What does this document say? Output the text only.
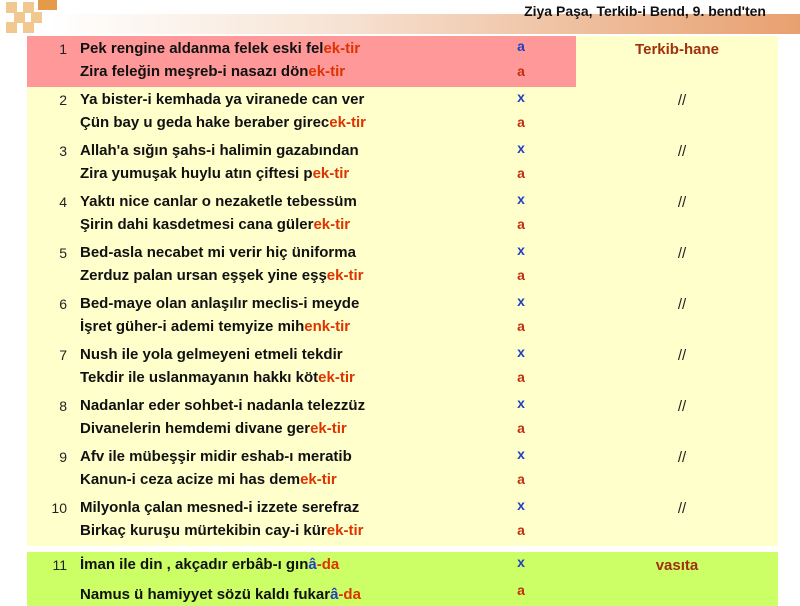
Ziya Paşa, Terkib-i Bend, 9. bend'ten
1 Pek rengine aldanma felek eski felek-tir
Zira feleğin meşreb-i nasazı dönek-tir
a
a
Terkib-hane
2 Ya bister-i kemhada ya viranede can ver
Çün bay u geda hake beraber girecek-tir
x
a
//
3 Allah'a sığın şahs-i halimin gazabından
Zira yumuşak huylu atın çiftesi pek-tir
x
a
//
4 Yaktı nice canlar o nezaketle tebessüm
Şirin dahi kasdetmesi cana gülerek-tir
x
a
//
5 Bed-asla necabet mi verir hiç üniforma
Zerduz palan ursan eşşek yine eşşek-tir
x
a
//
6 Bed-maye olan anlaşılır meclis-i meyde
İşret güher-i ademi temyize mihenk-tir
x
a
//
7 Nush ile yola gelmeyeni etmeli tekdir
Tekdir ile uslanmayanın hakkı kötek-tir
x
a
//
8 Nadanlar eder sohbet-i nadanla telezzüz
Divanelerin hemdemi divane gerek-tir
x
a
//
9 Afv ile mübeşşir midir eshab-ı meratib
Kanun-i ceza acize mi has demek-tir
x
a
//
10 Milyonla çalan mesned-i izzete serefraz
Birkaç kuruşu mürtekibin cay-i kürek-tir
x
a
//
11 İman ile din , akçadır erbâb-ı gınâ-da
Namus ü hamiyyet sözü kaldı fukarâ-da
x
a
vasıta
